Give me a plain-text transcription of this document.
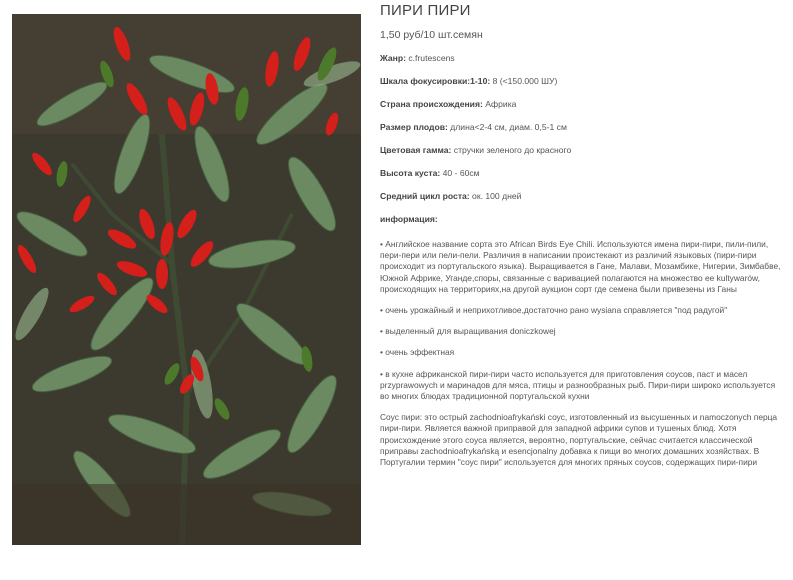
ПИРИ ПИРИ
1,50 руб/10 шт.семян
Жанр: c.frutescens
Шкала фокусировки:1-10: 8 (<150.000 ШУ)
Страна происхождения: Африка
Размер плодов: длина<2-4 см, диам. 0,5-1 см
Цветовая гамма: стручки зеленого до красного
Высота куста: 40 - 60см
Средний цикл роста: ок. 100 дней
информация:
• Английское название сорта это African Birds Eye Chili. Используются имена пири-пири, пили-пили, пери-пери или пели-пели. Различия в написании проистекают из различий языковых (пири-пири происходит из португальского языка). Выращивается в Гане, Малави, Мозамбике, Нигерии, Зимбабве, Южной Африке, Уганде,споры, связанные с варивацией полагаются на множество ee kultywarów, происходящих на территориях,на другой аукцион сорт где семена были привезены из Ганы
• очень урожайный и неприхотливое,достаточно рано wysiana справляется "под радугой"
• выделенный для выращивания doniczkowej
• очень эффектная
• в кухне африканской пири-пири часто используется для приготовления соусов, паст и масел przyprawowych и маринадов для мяса, птицы и разнообразных рыб. Пири-пири широко используется во многих блюдах традиционной португальской кухни
Соус пири: это острый zachodnioafrykański соус, изготовленный из высушенных и namoczonych перца пири-пири. Является важной приправой для западной африки супов и тушеных блюд. Хотя происхождение этого соуса является, вероятно, португальские, сейчас считается классической приправы zachodnioafrykańską и esencjonalny добавка к пищи во многих домашних хозяйствах. В Португалии термин "соус пири" используется для многих пряных соусов, содержащих пири-пири
